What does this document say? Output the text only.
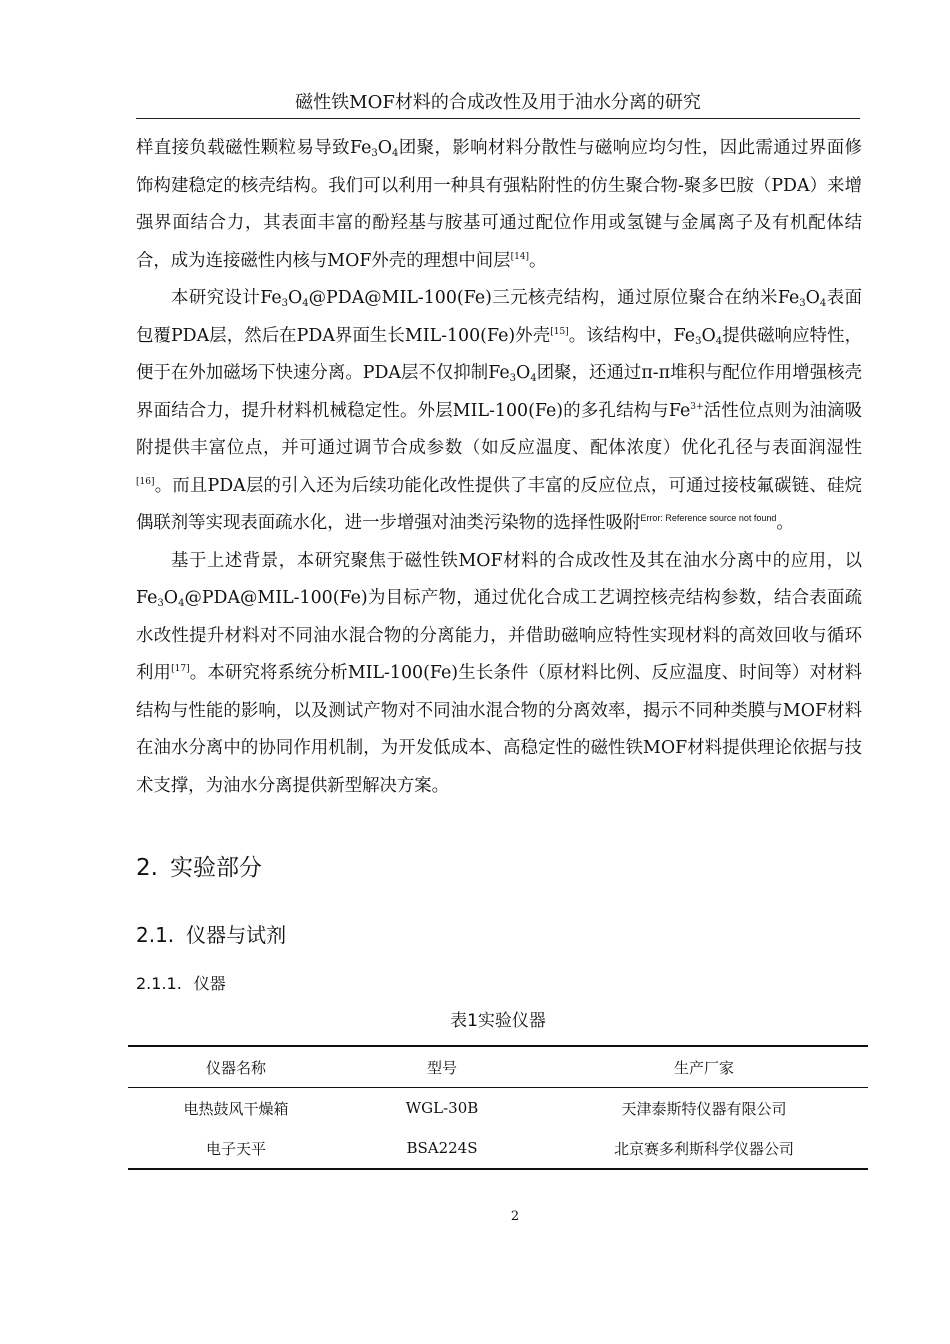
磁性铁MOF材料的合成改性及用于油水分离的研究

样直接负载磁性颗粒易导致$Fe_3O_4$团聚，影响材料分散性与磁响应均匀性，因此需通过界面修饰构建稳定的核壳结构。我们可以利用一种具有强粘附性的仿生聚合物-聚多巴胺（PDA）来增强界面结合力，其表面丰富的酚羟基与胺基可通过配位作用或氢键与金属离子及有机配体结合，成为连接磁性内核与MOF外壳的理想中间层[14]。

本研究设计$Fe_3O_4@PDA@MIL-100(Fe)$三元核壳结构，通过原位聚合在纳米$Fe_3O_4$表面包覆PDA层，然后在PDA界面生长MIL-100(Fe)外壳[15]。该结构中，$Fe_3O_4$提供磁响应特性，便于在外加磁场下快速分离。PDA层不仅抑制$Fe_3O_4$团聚，还通过π-π堆积与配位作用增强核壳界面结合力，提升材料机械稳定性。外层MIL-100(Fe)的多孔结构与$Fe^{3+}$活性位点则为油滴吸附提供丰富位点，并可通过调节合成参数（如反应温度、配体浓度）优化孔径与表面润湿性[16]。而且PDA层的引入还为后续功能化改性提供了丰富的反应位点，可通过接枝氟碳链、硅烷偶联剂等实现表面疏水化，进一步增强对油类污染物的选择性吸附$^{Error: Reference source not found}$。

基于上述背景，本研究聚焦于磁性铁MOF材料的合成改性及其在油水分离中的应用，以$Fe_3O_4@PDA@MIL-100(Fe)$为目标产物，通过优化合成工艺调控核壳结构参数，结合表面疏水改性提升材料对不同油水混合物的分离能力，并借助磁响应特性实现材料的高效回收与循环利用[17]。本研究将系统分析MIL-100(Fe)生长条件（原材料比例、反应温度、时间等）对材料结构与性能的影响，以及测试产物对不同油水混合物的分离效率，揭示不同种类膜与MOF材料在油水分离中的协同作用机制，为开发低成本、高稳定性的磁性铁MOF材料提供理论依据与技术支撑，为油水分离提供新型解决方案。

2. 实验部分
2.1. 仪器与试剂
2.1.1. 仪器
表1实验仪器
仪器名称	型号	生产厂家
电热鼓风干燥箱	WGL-30B	天津泰斯特仪器有限公司
电子天平	BSA224S	北京赛多利斯科学仪器公司
2
